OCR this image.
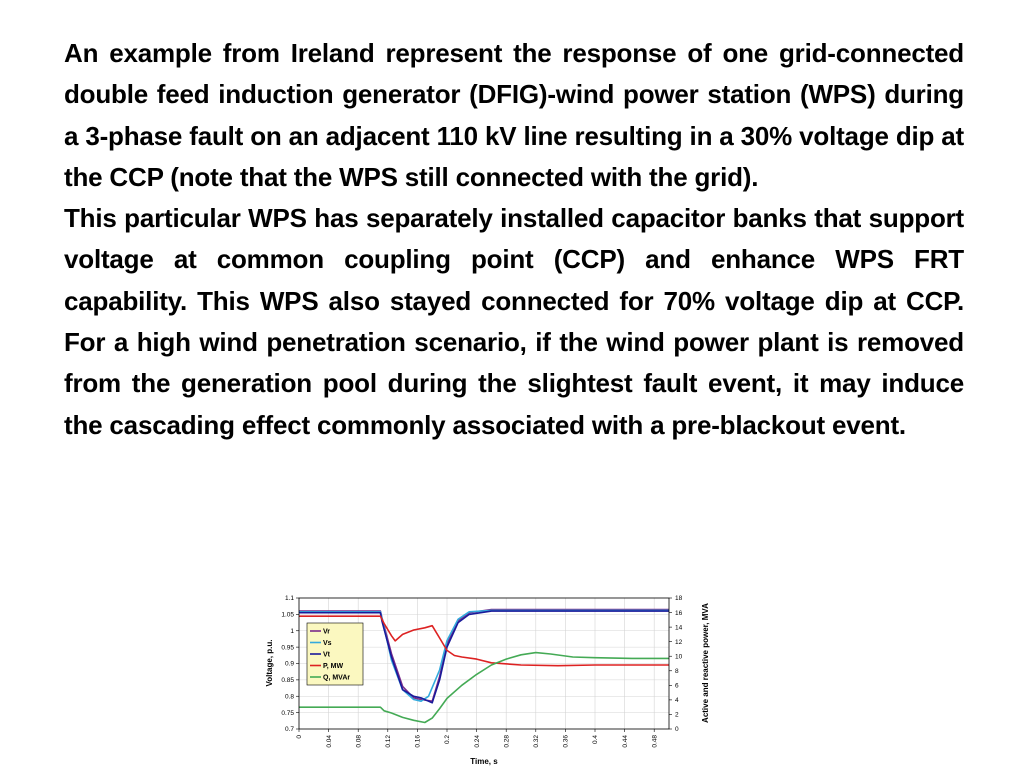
An example from Ireland represent the response of one grid-connected double feed induction generator (DFIG)-wind power station (WPS) during a 3-phase fault on an adjacent 110 kV line resulting in a 30% voltage dip at the CCP (note that the WPS still connected with the grid).

This particular WPS has separately installed capacitor banks that support voltage at common coupling point (CCP) and enhance WPS FRT capability. This WPS also stayed connected for 70% voltage dip at CCP. For a high wind penetration scenario, if the wind power plant is removed from the generation pool during the slightest fault event, it may induce the cascading effect commonly associated with a pre-blackout event.

0.7
0.75
0.8
0.85
0.9
0.95
1
1.05
1.1
0	0.04	0.08	0.12	0.16	0.2	0.24	0.28	0.32	0.36	0.4	0.44	0.48
0
2
4
6
8
10
12
14
16
18
Vr
Vs
Vt
P, MW
Q, MVAr
Time, s
Voltage, p.u.	Active and reactive power, MVA
